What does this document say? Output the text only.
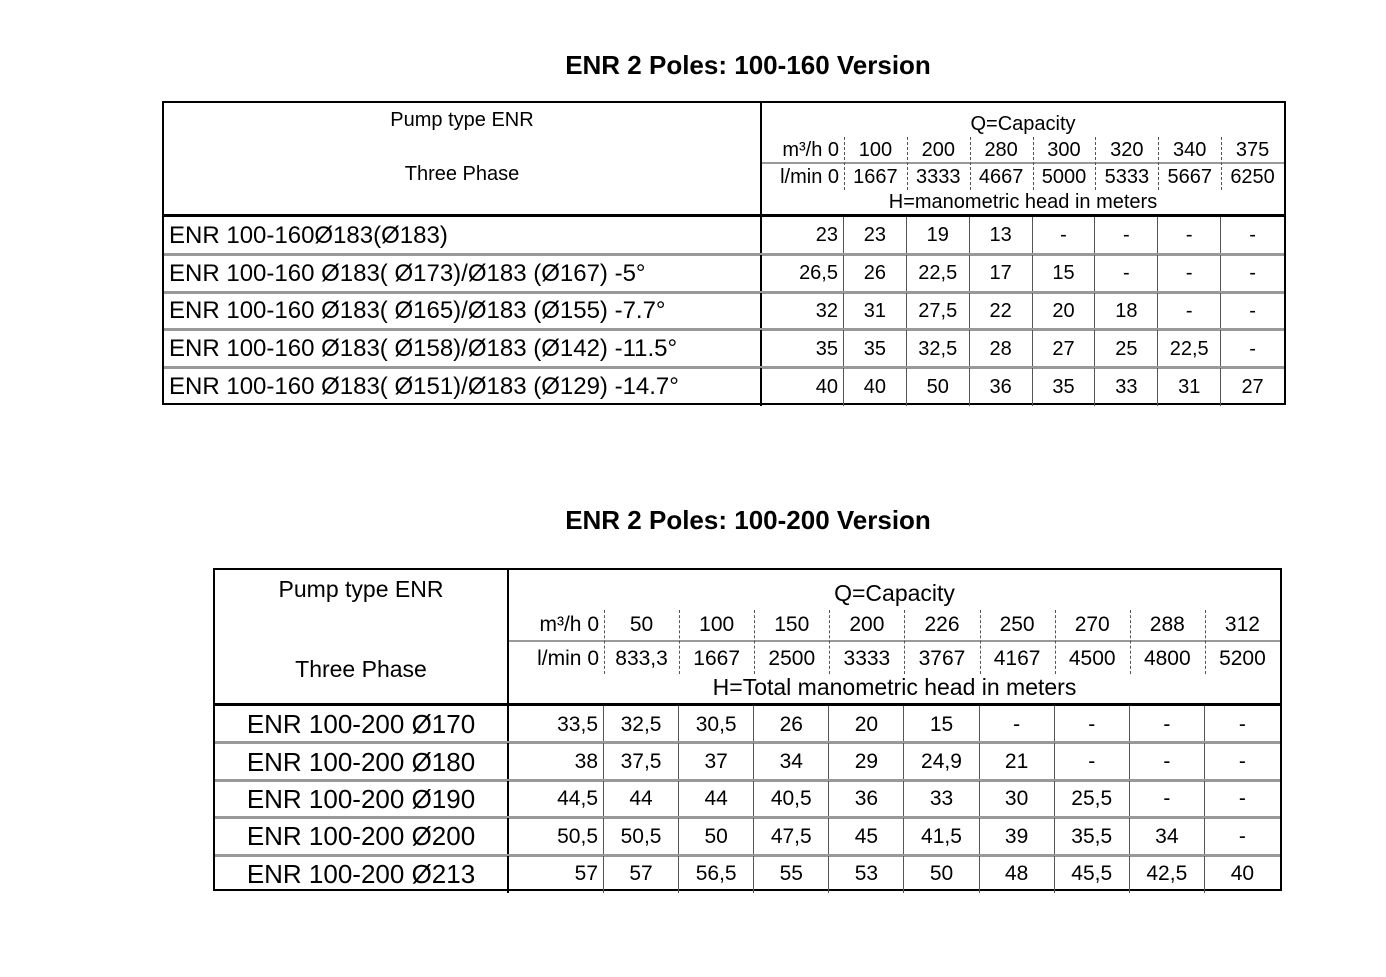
ENR 2 Poles: 100-160 Version
Pump type ENR
Three Phase
Q=Capacity
H=manometric head in meters
m³/h 0 100	200	280	300	320	340	375
l/min 0 1667 3333 4667 5000 5333 5667 6250
ENR 100-160Ø183(Ø183)	23	23	19	13	-	-	-	-
ENR 100-160 Ø183( Ø173)/Ø183 (Ø167) -5°	26,5	26	22,5	17	15	-	-	-
ENR 100-160 Ø183( Ø165)/Ø183 (Ø155) -7.7°	32	31	27,5	22	20	18	-	-
ENR 100-160 Ø183( Ø158)/Ø183 (Ø142) -11.5°	35	35	32,5	28	27	25	22,5	-
ENR 100-160 Ø183( Ø151)/Ø183 (Ø129) -14.7°	40	40	50	36	35	33	31	27
ENR 2 Poles: 100-200 Version
Pump type ENR
Three Phase
Q=Capacity
H=Total manometric head in meters
m³/h 0	50	100	150	200	226	250	270	288	312
l/min 0 833,3	1667	2500	3333	3767	4167	4500	4800	5200
ENR 100-200 Ø170	33,5	32,5	30,5	26	20	15	-	-	-	-
ENR 100-200 Ø180	38	37,5	37	34	29	24,9	21	-	-	-
ENR 100-200 Ø190	44,5	44	44	40,5	36	33	30	25,5	-	-
ENR 100-200 Ø200	50,5	50,5	50	47,5	45	41,5	39	35,5	34	-
ENR 100-200 Ø213	57	57	56,5	55	53	50	48	45,5	42,5	40
